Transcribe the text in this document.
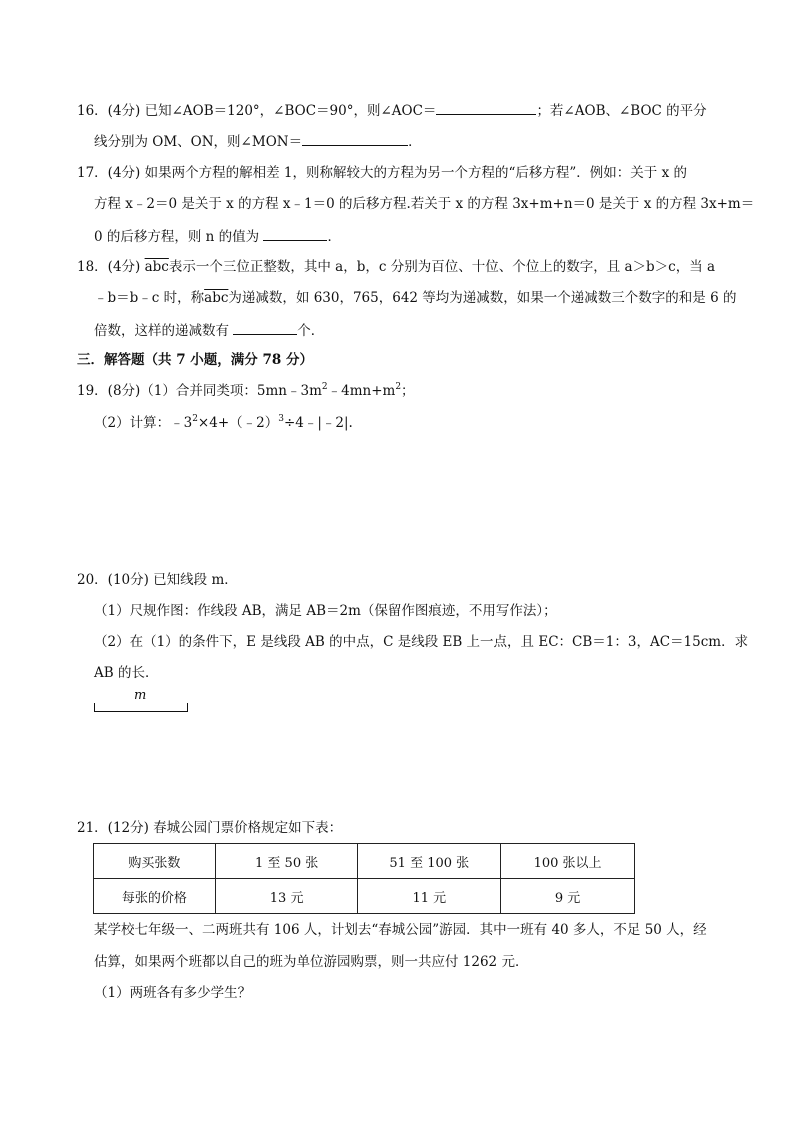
16．(4分) 已知∠AOB＝120°，∠BOC＝90°，则∠AOC＝	；若∠AOB、∠BOC 的平分
线分别为 OM、ON，则∠MON＝	．
17．(4分) 如果两个方程的解相差 1，则称解较大的方程为另一个方程的“后移方程”．例如：关于 x 的
方程 x﹣2＝0 是关于 x 的方程 x﹣1＝0 的后移方程.若关于 x 的方程 3x+m+n＝0 是关于 x 的方程 3x+m＝
0 的后移方程，则 n 的值为	．
18．(4分) $\overline{abc}$表示一个三位正整数，其中 a，b，c 分别为百位、十位、个位上的数字，且 a＞b＞c，当 a
﹣b＝b﹣c 时，称$\overline{abc}$为递减数，如 630，765，642 等均为递减数，如果一个递减数三个数字的和是 6 的
倍数，这样的递减数有	个．
三．解答题（共 7 小题，满分 78 分）
19．(8分)（1）合并同类项：$5mn﹣3m^2﹣4mn+m^2$；
（2）计算：$﹣3^2\times 4+(﹣2)^3\div 4﹣|﹣2|$.
20．(10分) 已知线段 m．
（1）尺规作图：作线段 AB，满足 AB＝2m（保留作图痕迹，不用写作法）；
（2）在（1）的条件下，E 是线段 AB 的中点，C 是线段 EB 上一点，且 EC：CB＝1：3，AC＝15cm．求
AB 的长．
m
21．(12分) 春城公园门票价格规定如下表：
购买张数	1 至 50 张	51 至 100 张	100 张以上
每张的价格	13 元	11 元	9 元
某学校七年级一、二两班共有 106 人，计划去“春城公园”游园．其中一班有 40 多人，不足 50 人，经
估算，如果两个班都以自己的班为单位游园购票，则一共应付 1262 元．
（1）两班各有多少学生？
